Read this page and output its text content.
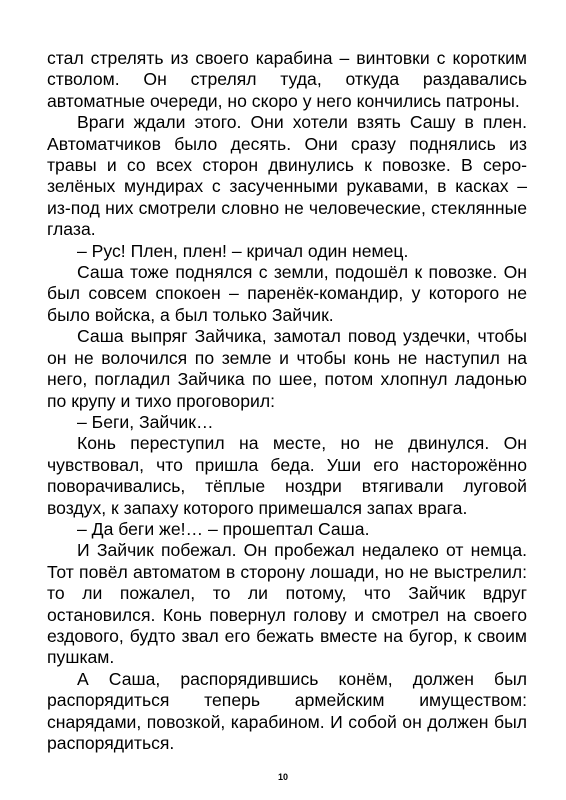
стал стрелять из своего карабина – винтовки с коротким стволом. Он стрелял туда, откуда раздавались автоматные очереди, но скоро у него кончились патроны.

Враги ждали этого. Они хотели взять Сашу в плен. Автоматчиков было десять. Они сразу поднялись из травы и со всех сторон двинулись к повозке. В серо-зелёных мундирах с засученными рукавами, в касках – из-под них смотрели словно не человеческие, стеклянные глаза.

– Рус! Плен, плен! – кричал один немец.

Саша тоже поднялся с земли, подошёл к повозке. Он был совсем спокоен – паренёк-командир, у которого не было войска, а был только Зайчик.

Саша выпряг Зайчика, замотал повод уздечки, чтобы он не волочился по земле и чтобы конь не наступил на него, погладил Зайчика по шее, потом хлопнул ладонью по крупу и тихо проговорил:

– Беги, Зайчик…

Конь переступил на месте, но не двинулся. Он чувствовал, что пришла беда. Уши его насторожённо поворачивались, тёплые ноздри втягивали луговой воздух, к запаху которого примешался запах врага.

– Да беги же!… – прошептал Саша.

И Зайчик побежал. Он пробежал недалеко от немца. Тот повёл автоматом в сторону лошади, но не выстрелил: то ли пожалел, то ли потому, что Зайчик вдруг остановился. Конь повернул голову и смотрел на своего ездового, будто звал его бежать вместе на бугор, к своим пушкам.

А Саша, распорядившись конём, должен был распорядиться теперь армейским имуществом: снарядами, повозкой, карабином. И собой он должен был распорядиться.

10
